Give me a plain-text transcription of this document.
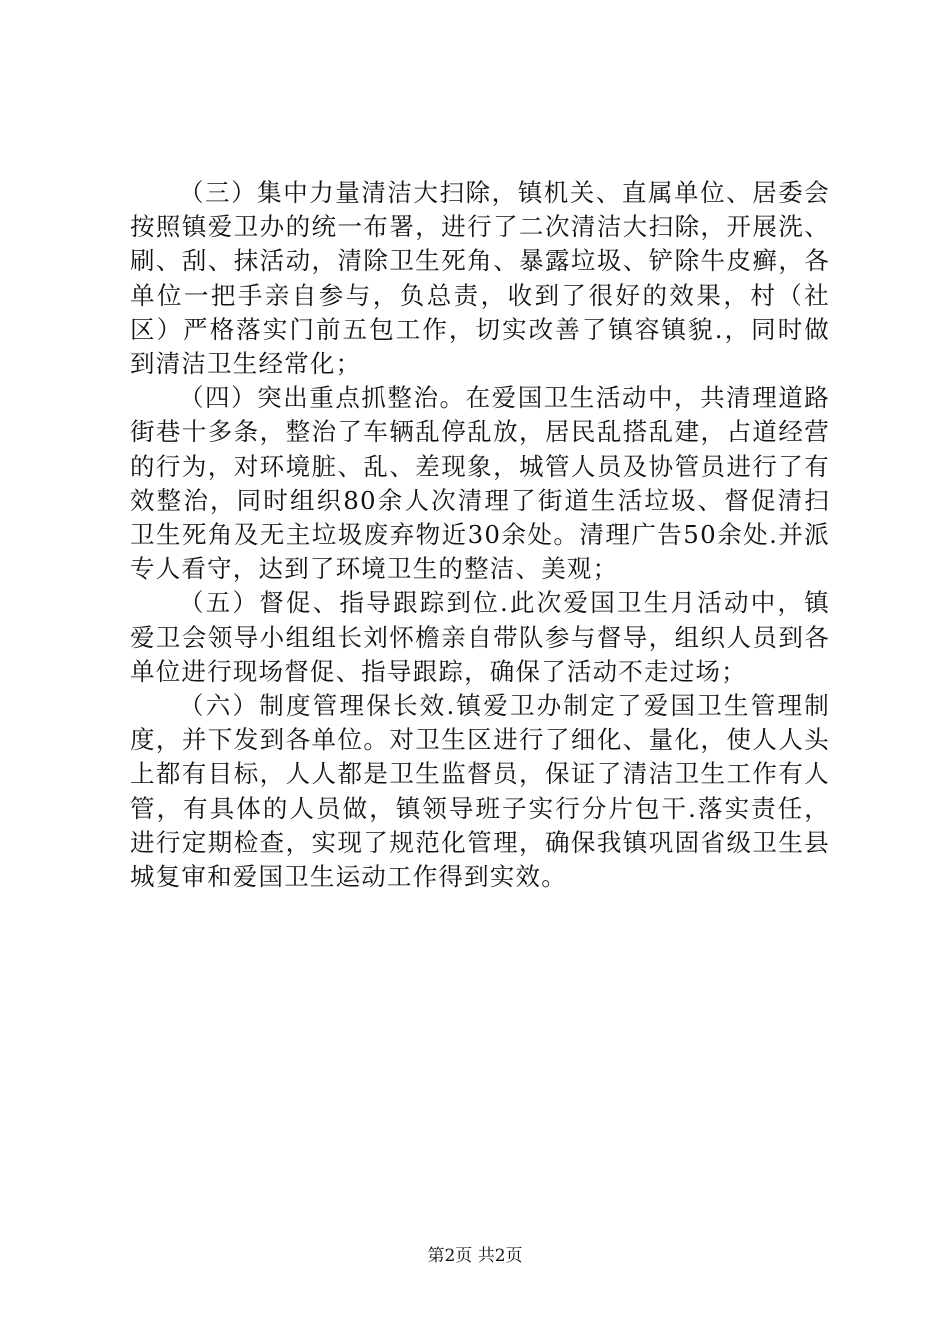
（三）集中力量清洁大扫除，镇机关、直属单位、居委会按照镇爱卫办的统一布署，进行了二次清洁大扫除，开展洗、刷、刮、抹活动，清除卫生死角、暴露垃圾、铲除牛皮癣，各单位一把手亲自参与，负总责，收到了很好的效果，村（社区）严格落实门前五包工作，切实改善了镇容镇貌.，同时做到清洁卫生经常化；

（四）突出重点抓整治。在爱国卫生活动中，共清理道路街巷十多条，整治了车辆乱停乱放，居民乱搭乱建，占道经营的行为，对环境脏、乱、差现象，城管人员及协管员进行了有效整治，同时组织80余人次清理了街道生活垃圾、督促清扫卫生死角及无主垃圾废弃物近30余处。清理广告50余处.并派专人看守，达到了环境卫生的整洁、美观；

（五）督促、指导跟踪到位.此次爱国卫生月活动中，镇爱卫会领导小组组长刘怀檐亲自带队参与督导，组织人员到各单位进行现场督促、指导跟踪，确保了活动不走过场；

（六）制度管理保长效.镇爱卫办制定了爱国卫生管理制度，并下发到各单位。对卫生区进行了细化、量化，使人人头上都有目标，人人都是卫生监督员，保证了清洁卫生工作有人管，有具体的人员做，镇领导班子实行分片包干.落实责任，进行定期检查，实现了规范化管理，确保我镇巩固省级卫生县城复审和爱国卫生运动工作得到实效。

第2页 共2页
